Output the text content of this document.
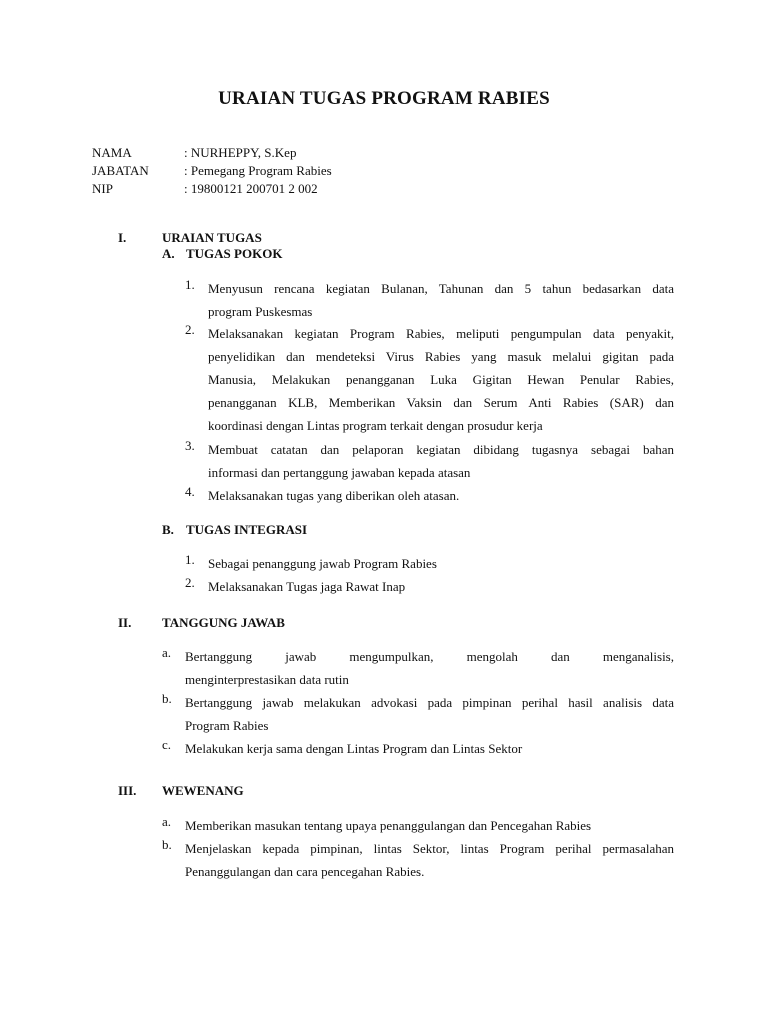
URAIAN TUGAS PROGRAM RABIES
NAMA	: NURHEPPY, S.Kep
JABATAN	: Pemegang Program Rabies
NIP	: 19800121 200701 2 002
I.	URAIAN TUGAS
A. TUGAS POKOK
1. Menyusun rencana kegiatan Bulanan, Tahunan dan 5 tahun bedasarkan data
program Puskesmas
2. Melaksanakan kegiatan Program Rabies, meliputi pengumpulan data penyakit,
penyelidikan dan mendeteksi Virus Rabies yang masuk melalui gigitan pada
Manusia, Melakukan penangganan Luka Gigitan Hewan Penular Rabies,
penangganan KLB, Memberikan Vaksin dan Serum Anti Rabies (SAR) dan
koordinasi dengan Lintas program terkait dengan prosudur kerja
3. Membuat catatan dan pelaporan kegiatan dibidang tugasnya sebagai bahan
informasi dan pertanggung jawaban kepada atasan
4. Melaksanakan tugas yang diberikan oleh atasan.
B. TUGAS INTEGRASI
1. Sebagai penanggung jawab Program Rabies
2. Melaksanakan Tugas jaga Rawat Inap
II. TANGGUNG JAWAB
a. Bertanggung jawab mengumpulkan, mengolah dan menganalisis,
menginterprestasikan data rutin
b. Bertanggung jawab melakukan advokasi pada pimpinan perihal hasil analisis data
Program Rabies
c. Melakukan kerja sama dengan Lintas Program dan Lintas Sektor
III. WEWENANG
a. Memberikan masukan tentang upaya penanggulangan dan Pencegahan Rabies
b. Menjelaskan kepada pimpinan, lintas Sektor, lintas Program perihal permasalahan
Penanggulangan dan cara pencegahan Rabies.
